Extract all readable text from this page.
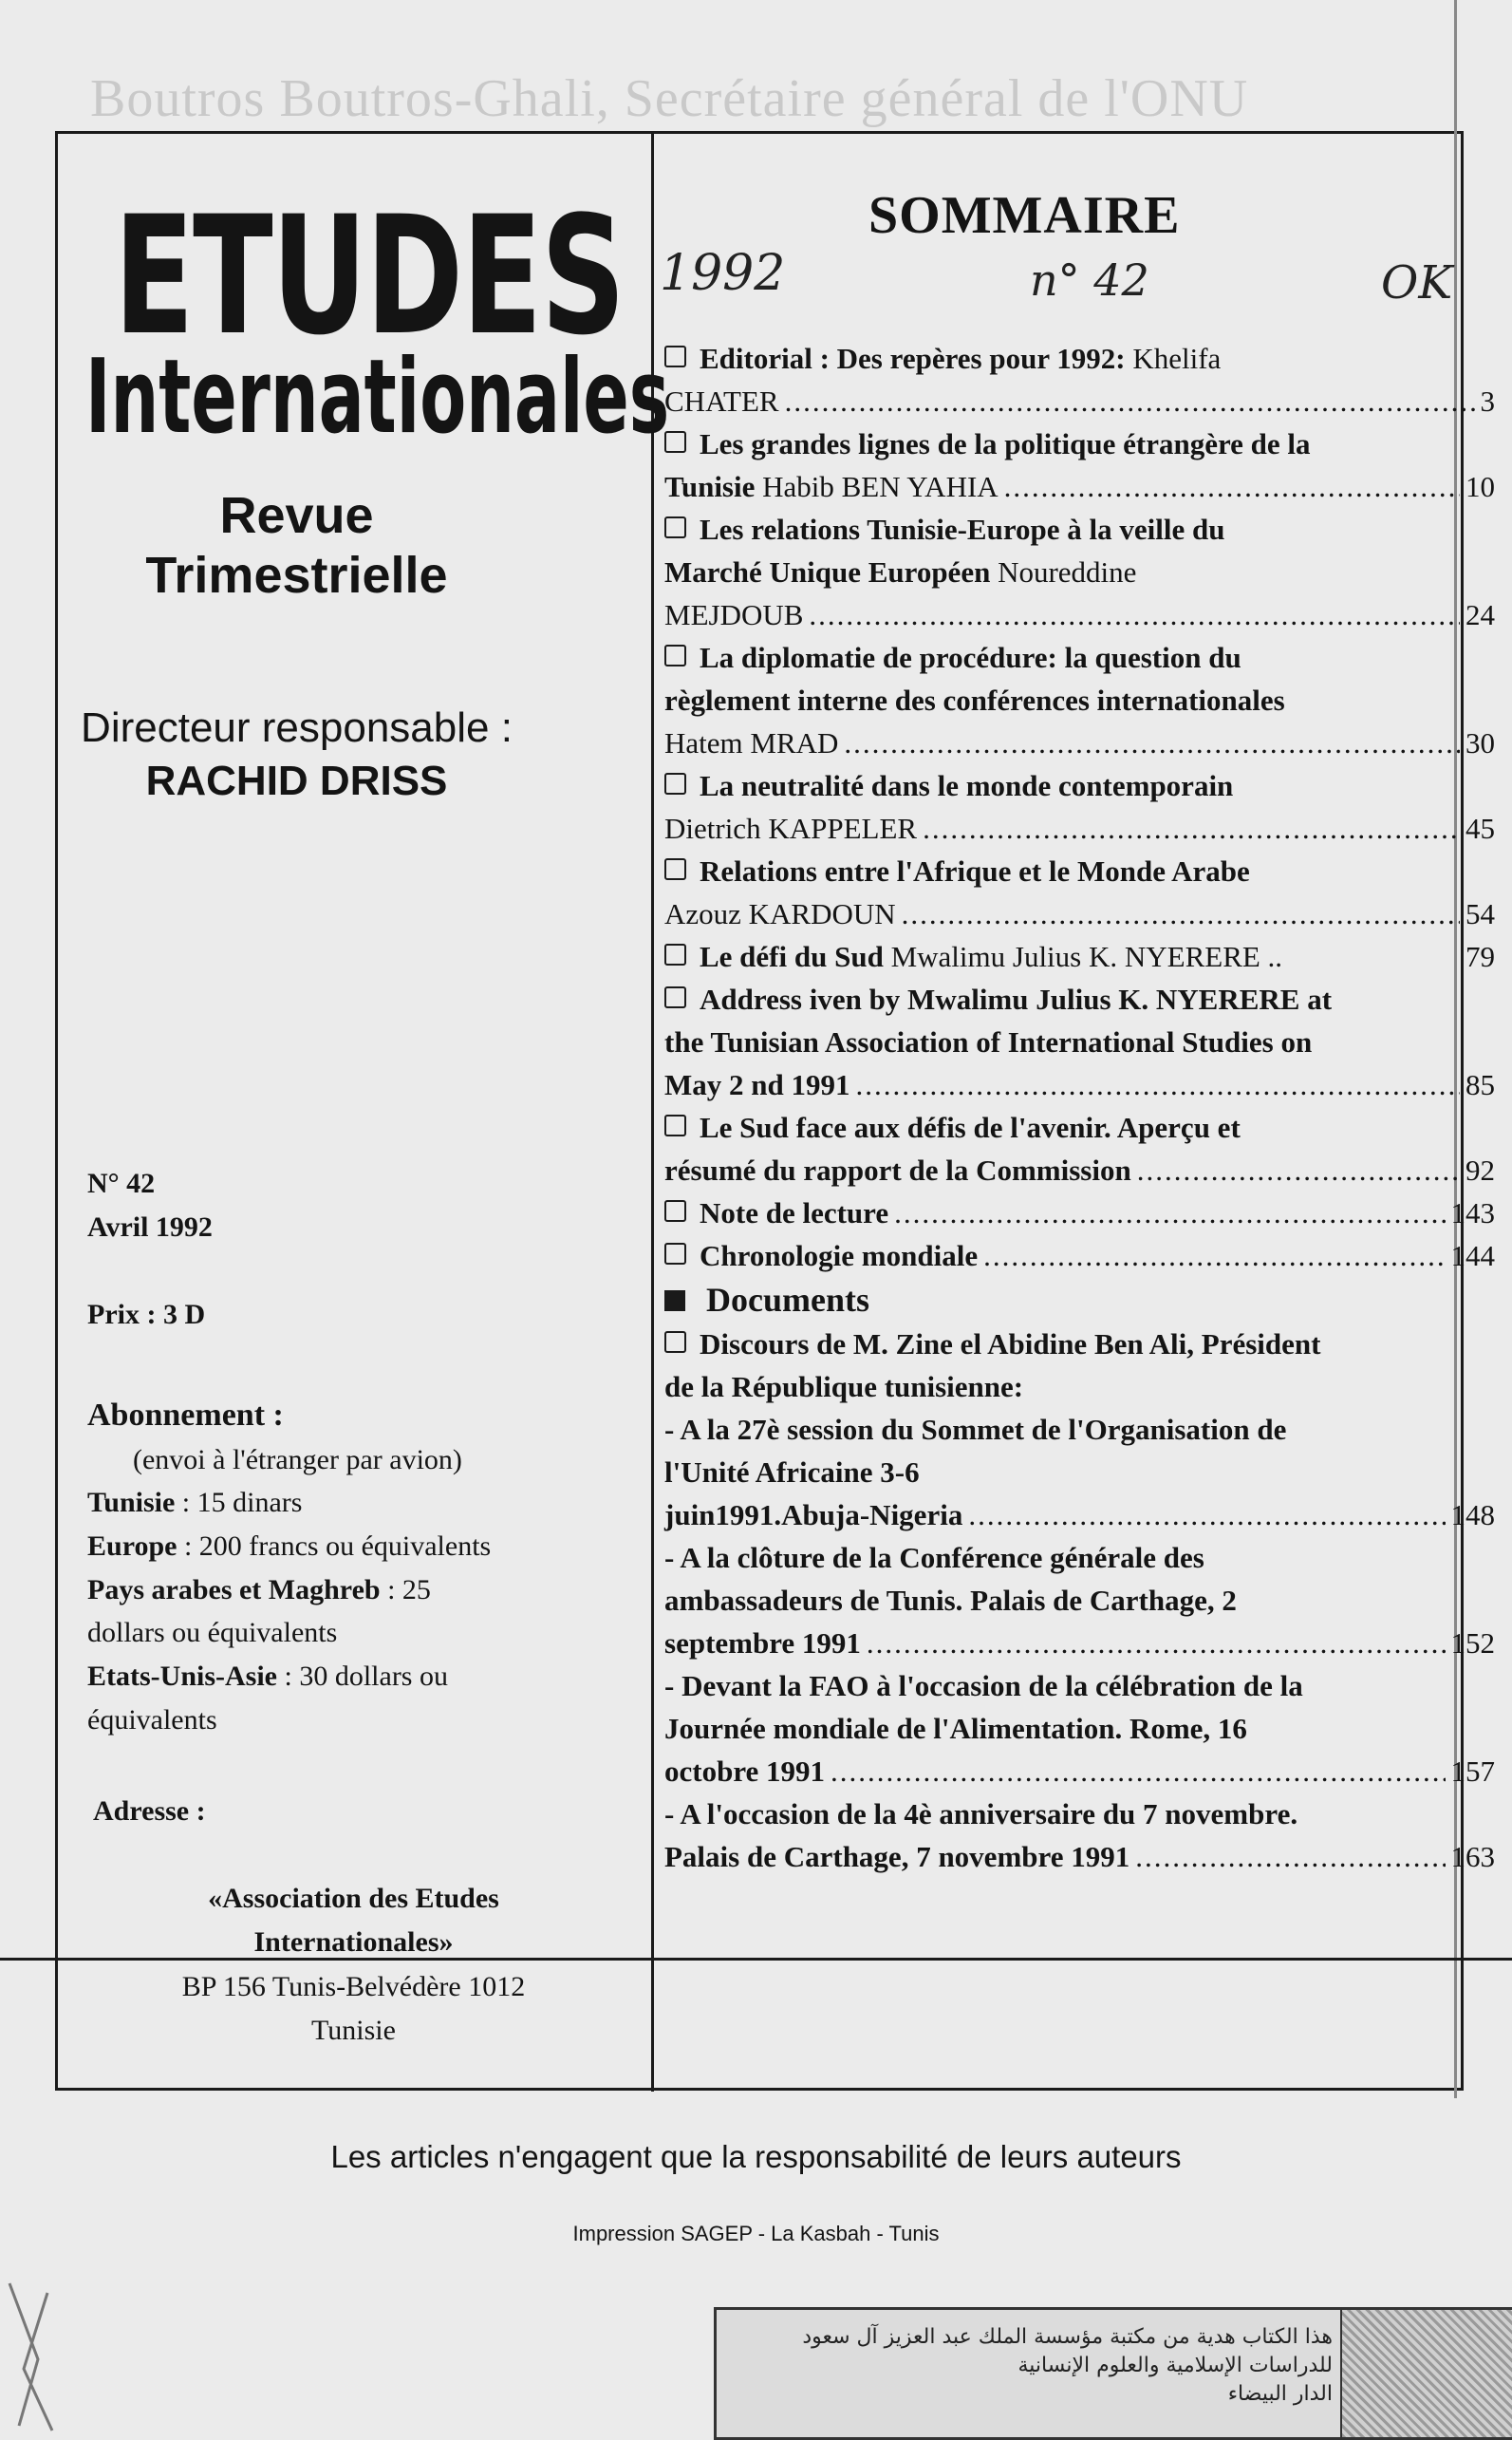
Boutros Boutros-Ghali, Secrétaire général de l'ONU
ETUDES
Internationales
Revue
Trimestrielle
Directeur responsable :
RACHID DRISS
N° 42
Avril 1992
Prix : 3 D
Abonnement :
(envoi à l'étranger par avion)
Tunisie : 15 dinars
Europe : 200 francs ou équivalents
Pays arabes et Maghreb : 25
dollars ou équivalents
Etats-Unis-Asie : 30 dollars ou
équivalents
Adresse :
«Association des Etudes
Internationales»
BP 156 Tunis-Belvédère 1012
Tunisie
SOMMAIRE
1992	n° 42	OK
Editorial : Des repères pour 1992: Khelifa
CHATER .....	3
Les grandes lignes de la politique étrangère de la
Tunisie Habib BEN YAHIA .....	10
Les relations Tunisie-Europe à la veille du
Marché Unique Européen Noureddine
MEJDOUB .....	24
La diplomatie de procédure: la question du
règlement interne des conférences internationales
Hatem MRAD .....	30
La neutralité dans le monde contemporain
Dietrich KAPPELER .....	45
Relations entre l'Afrique et le Monde Arabe
Azouz KARDOUN .....	54
Le défi du Sud Mwalimu Julius K. NYERERE ..	79
Address iven by Mwalimu Julius K. NYERERE at
the Tunisian Association of International Studies on
May 2 nd 1991 .....	85
Le Sud face aux défis de l'avenir. Aperçu et
résumé du rapport de la Commission .....	92
Note de lecture .....	143
Chronologie mondiale .....	144
Documents
Discours de M. Zine el Abidine Ben Ali, Président
de la République tunisienne:
- A la 27è session du Sommet de l'Organisation de
l'Unité Africaine 3-6
juin1991.Abuja-Nigeria .....	148
- A la clôture de la Conférence générale des
ambassadeurs de Tunis. Palais de Carthage, 2
septembre 1991 .....	152
- Devant la FAO à l'occasion de la célébration de la
Journée mondiale de l'Alimentation. Rome, 16
octobre 1991 .....	157
- A l'occasion de la 4è anniversaire du 7 novembre.
Palais de Carthage, 7 novembre 1991 .....	163
Les articles n'engagent que la responsabilité de leurs auteurs
Impression SAGEP - La Kasbah - Tunis
هذا الكتاب هدية من مكتبة مؤسسة الملك عبد العزيز آل سعود
للدراسات الإسلامية والعلوم الإنسانية
الدار البيضاء
